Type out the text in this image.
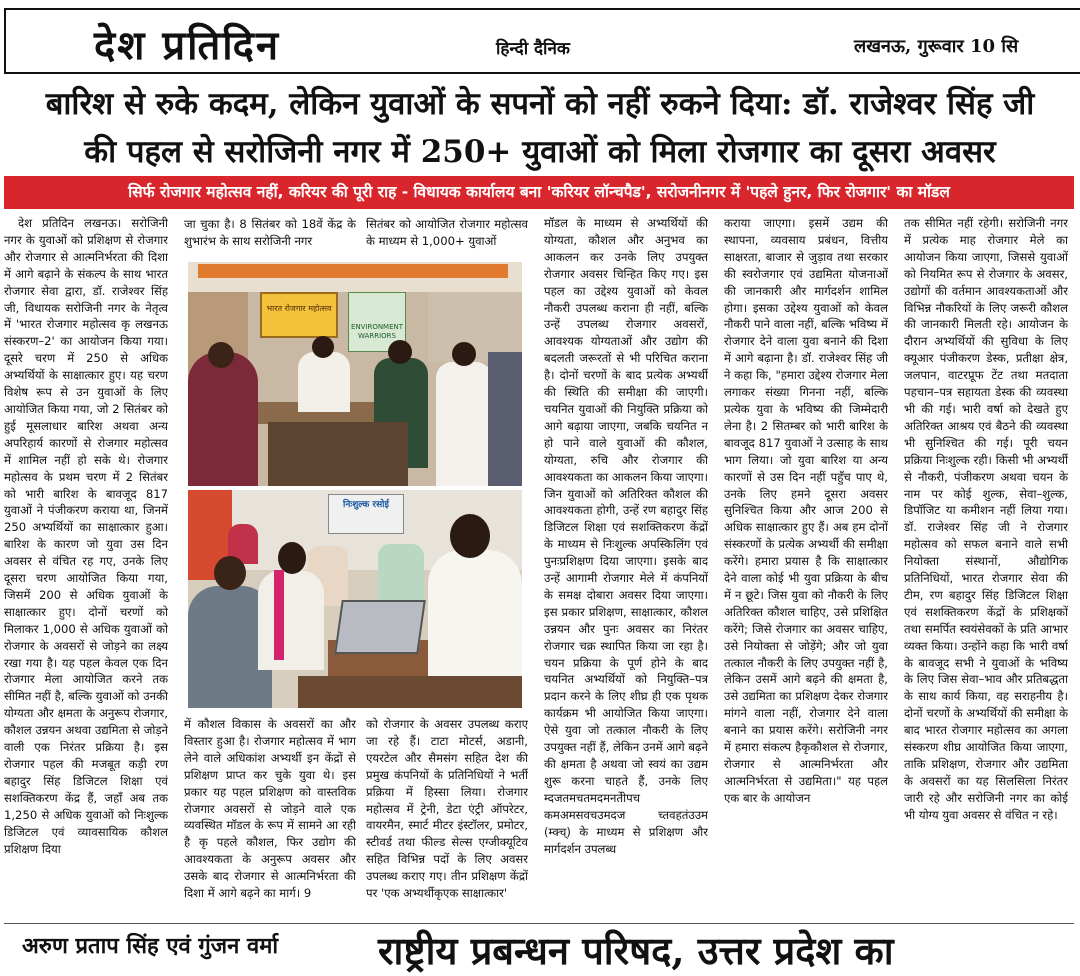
देश प्रतिदिन	हिन्दी दैनिक	लखनऊ, गुरूवार 10 सि
बारिश से रुके कदम, लेकिन युवाओं के सपनों को नहीं रुकने दिया: डॉ. राजेश्वर सिंह जी
की पहल से सरोजिनी नगर में 250+ युवाओं को मिला रोजगार का दूसरा अवसर
सिर्फ रोजगार महोत्सव नहीं, करियर की पूरी राह - विधायक कार्यालय बना 'करियर लॉन्चपैड', सरोजनीनगर में 'पहले हुनर, फिर रोजगार' का मॉडल

देश प्रतिदिन लखनऊ। सरोजिनी नगर के युवाओं को प्रशिक्षण से रोजगार और रोजगार से आत्मनिर्भरता की दिशा में आगे बढ़ाने के संकल्प के साथ भारत रोजगार सेवा द्वारा, डॉ. राजेश्वर सिंह जी, विधायक सरोजिनी नगर के नेतृत्व में 'भारत रोजगार महोत्सव कृ लखनऊ संस्करण–2' का आयोजन किया गया। दूसरे चरण में 250 से अधिक अभ्यर्थियों के साक्षात्कार हुए। यह चरण विशेष रूप से उन युवाओं के लिए आयोजित किया गया, जो 2 सितंबर को हुई मूसलाधार बारिश अथवा अन्य अपरिहार्य कारणों से रोजगार महोत्सव में शामिल नहीं हो सके थे। रोजगार महोत्सव के प्रथम चरण में 2 सितंबर को भारी बारिश के बावजूद 817 युवाओं ने पंजीकरण कराया था, जिनमें 250 अभ्यर्थियों का साक्षात्कार हुआ। बारिश के कारण जो युवा उस दिन अवसर से वंचित रह गए, उनके लिए दूसरा चरण आयोजित किया गया, जिसमें 200 से अधिक युवाओं के साक्षात्कार हुए। दोनों चरणों को मिलाकर 1,000 से अधिक युवाओं को रोजगार के अवसरों से जोड़ने का लक्ष्य रखा गया है। यह पहल केवल एक दिन रोजगार मेला आयोजित करने तक सीमित नहीं है, बल्कि युवाओं को उनकी योग्यता और क्षमता के अनुरूप रोजगार, कौशल उन्नयन अथवा उद्यमिता से जोड़ने वाली एक निरंतर प्रक्रिया है। इस रोजगार पहल की मजबूत कड़ी रण बहादुर सिंह डिजिटल शिक्षा एवं सशक्तिकरण केंद्र हैं, जहाँ अब तक 1,250 से अधिक युवाओं को निःशुल्क डिजिटल एवं व्यावसायिक कौशल प्रशिक्षण दिया

जा चुका है। 8 सितंबर को 18वें केंद्र के शुभारंभ के साथ सरोजिनी नगर

सितंबर को आयोजित रोजगार महोत्सव के माध्यम से 1,000+ युवाओं

भारत रोजगार महोत्सव
ENVIRONMENT WARRIORS
निःशुल्क रसोई

में कौशल विकास के अवसरों का और विस्तार हुआ है। रोजगार महोत्सव में भाग लेने वाले अधिकांश अभ्यर्थी इन केंद्रों से प्रशिक्षण प्राप्त कर चुके युवा थे। इस प्रकार यह पहल प्रशिक्षण को वास्तविक रोजगार अवसरों से जोड़ने वाले एक व्यवस्थित मॉडल के रूप में सामने आ रही है कृ पहले कौशल, फिर उद्योग की आवश्यकता के अनुरूप अवसर और उसके बाद रोजगार से आत्मनिर्भरता की दिशा में आगे बढ़ने का मार्ग। 9

को रोजगार के अवसर उपलब्ध कराए जा रहे हैं। टाटा मोटर्स, अडानी, एयरटेल और सैमसंग सहित देश की प्रमुख कंपनियों के प्रतिनिधियों ने भर्ती प्रक्रिया में हिस्सा लिया। रोजगार महोत्सव में ट्रेनी, डेटा एंट्री ऑपरेटर, वायरमैन, स्मार्ट मीटर इंस्टॉलर, प्रमोटर, स्टीवर्ड तथा फील्ड सेल्स एग्जीक्यूटिव सहित विभिन्न पदों के लिए अवसर उपलब्ध कराए गए। तीन प्रशिक्षण केंद्रों पर 'एक अभ्यर्थीकृएक साक्षात्कार'

मॉडल के माध्यम से अभ्यर्थियों की योग्यता, कौशल और अनुभव का आकलन कर उनके लिए उपयुक्त रोजगार अवसर चिन्हित किए गए। इस पहल का उद्देश्य युवाओं को केवल नौकरी उपलब्ध कराना ही नहीं, बल्कि उन्हें उपलब्ध रोजगार अवसरों, आवश्यक योग्यताओं और उद्योग की बदलती जरूरतों से भी परिचित कराना है। दोनों चरणों के बाद प्रत्येक अभ्यर्थी की स्थिति की समीक्षा की जाएगी। चयनित युवाओं की नियुक्ति प्रक्रिया को आगे बढ़ाया जाएगा, जबकि चयनित न हो पाने वाले युवाओं की कौशल, योग्यता, रुचि और रोजगार की आवश्यकता का आकलन किया जाएगा। जिन युवाओं को अतिरिक्त कौशल की आवश्यकता होगी, उन्हें रण बहादुर सिंह डिजिटल शिक्षा एवं सशक्तिकरण केंद्रों के माध्यम से निःशुल्क अपस्किलिंग एवं पुनःप्रशिक्षण दिया जाएगा। इसके बाद उन्हें आगामी रोजगार मेले में कंपनियों के समक्ष दोबारा अवसर दिया जाएगा। इस प्रकार प्रशिक्षण, साक्षात्कार, कौशल उन्नयन और पुनः अवसर का निरंतर रोजगार चक्र स्थापित किया जा रहा है। चयन प्रक्रिया के पूर्ण होने के बाद चयनित अभ्यर्थियों को नियुक्ति–पत्र प्रदान करने के लिए शीघ्र ही एक पृथक कार्यक्रम भी आयोजित किया जाएगा। ऐसे युवा जो तत्काल नौकरी के लिए उपयुक्त नहीं हैं, लेकिन उनमें आगे बढ़ने की क्षमता है अथवा जो स्वयं का उद्यम शुरू करना चाहते हैं, उनके लिए म्दजतमचतमदमनतेीपच कमअमसवचउमदज च्तवहतंउउम (म्क्च्) के माध्यम से प्रशिक्षण और मार्गदर्शन उपलब्ध

कराया जाएगा। इसमें उद्यम की स्थापना, व्यवसाय प्रबंधन, वित्तीय साक्षरता, बाजार से जुड़ाव तथा सरकार की स्वरोजगार एवं उद्यमिता योजनाओं की जानकारी और मार्गदर्शन शामिल होगा। इसका उद्देश्य युवाओं को केवल नौकरी पाने वाला नहीं, बल्कि भविष्य में रोजगार देने वाला युवा बनाने की दिशा में आगे बढ़ाना है। डॉ. राजेश्वर सिंह जी ने कहा कि, "हमारा उद्देश्य रोजगार मेला लगाकर संख्या गिनना नहीं, बल्कि प्रत्येक युवा के भविष्य की जिम्मेदारी लेना है। 2 सितम्बर को भारी बारिश के बावजूद 817 युवाओं ने उत्साह के साथ भाग लिया। जो युवा बारिश या अन्य कारणों से उस दिन नहीं पहुँच पाए थे, उनके लिए हमने दूसरा अवसर सुनिश्चित किया और आज 200 से अधिक साक्षात्कार हुए हैं। अब हम दोनों संस्करणों के प्रत्येक अभ्यर्थी की समीक्षा करेंगे। हमारा प्रयास है कि साक्षात्कार देने वाला कोई भी युवा प्रक्रिया के बीच में न छूटे। जिस युवा को नौकरी के लिए अतिरिक्त कौशल चाहिए, उसे प्रशिक्षित करेंगे; जिसे रोजगार का अवसर चाहिए, उसे नियोक्ता से जोड़ेंगे; और जो युवा तत्काल नौकरी के लिए उपयुक्त नहीं है, लेकिन उसमें आगे बढ़ने की क्षमता है, उसे उद्यमिता का प्रशिक्षण देकर रोजगार मांगने वाला नहीं, रोजगार देने वाला बनाने का प्रयास करेंगे। सरोजिनी नगर में हमारा संकल्प हैकृकौशल से रोजगार, रोजगार से आत्मनिर्भरता और आत्मनिर्भरता से उद्यमिता।" यह पहल एक बार के आयोजन

तक सीमित नहीं रहेगी। सरोजिनी नगर में प्रत्येक माह रोजगार मेले का आयोजन किया जाएगा, जिससे युवाओं को नियमित रूप से रोजगार के अवसर, उद्योगों की वर्तमान आवश्यकताओं और विभिन्न नौकरियों के लिए जरूरी कौशल की जानकारी मिलती रहे। आयोजन के दौरान अभ्यर्थियों की सुविधा के लिए क्यूआर पंजीकरण डेस्क, प्रतीक्षा क्षेत्र, जलपान, वाटरप्रूफ टेंट तथा मतदाता पहचान–पत्र सहायता डेस्क की व्यवस्था भी की गई। भारी वर्षा को देखते हुए अतिरिक्त आश्रय एवं बैठने की व्यवस्था भी सुनिश्चित की गई। पूरी चयन प्रक्रिया निःशुल्क रही। किसी भी अभ्यर्थी से नौकरी, पंजीकरण अथवा चयन के नाम पर कोई शुल्क, सेवा–शुल्क, डिपॉजिट या कमीशन नहीं लिया गया। डॉ. राजेश्वर सिंह जी ने रोजगार महोत्सव को सफल बनाने वाले सभी नियोक्ता संस्थानों, औद्योगिक प्रतिनिधियों, भारत रोजगार सेवा की टीम, रण बहादुर सिंह डिजिटल शिक्षा एवं सशक्तिकरण केंद्रों के प्रशिक्षकों तथा समर्पित स्वयंसेवकों के प्रति आभार व्यक्त किया। उन्होंने कहा कि भारी वर्षा के बावजूद सभी ने युवाओं के भविष्य के लिए जिस सेवा–भाव और प्रतिबद्धता के साथ कार्य किया, वह सराहनीय है। दोनों चरणों के अभ्यर्थियों की समीक्षा के बाद भारत रोजगार महोत्सव का अगला संस्करण शीघ्र आयोजित किया जाएगा, ताकि प्रशिक्षण, रोजगार और उद्यमिता के अवसरों का यह सिलसिला निरंतर जारी रहे और सरोजिनी नगर का कोई भी योग्य युवा अवसर से वंचित न रहे।

अरुण प्रताप सिंह एवं गुंजन वर्मा	राष्ट्रीय प्रबन्धन परिषद, उत्तर प्रदेश का
